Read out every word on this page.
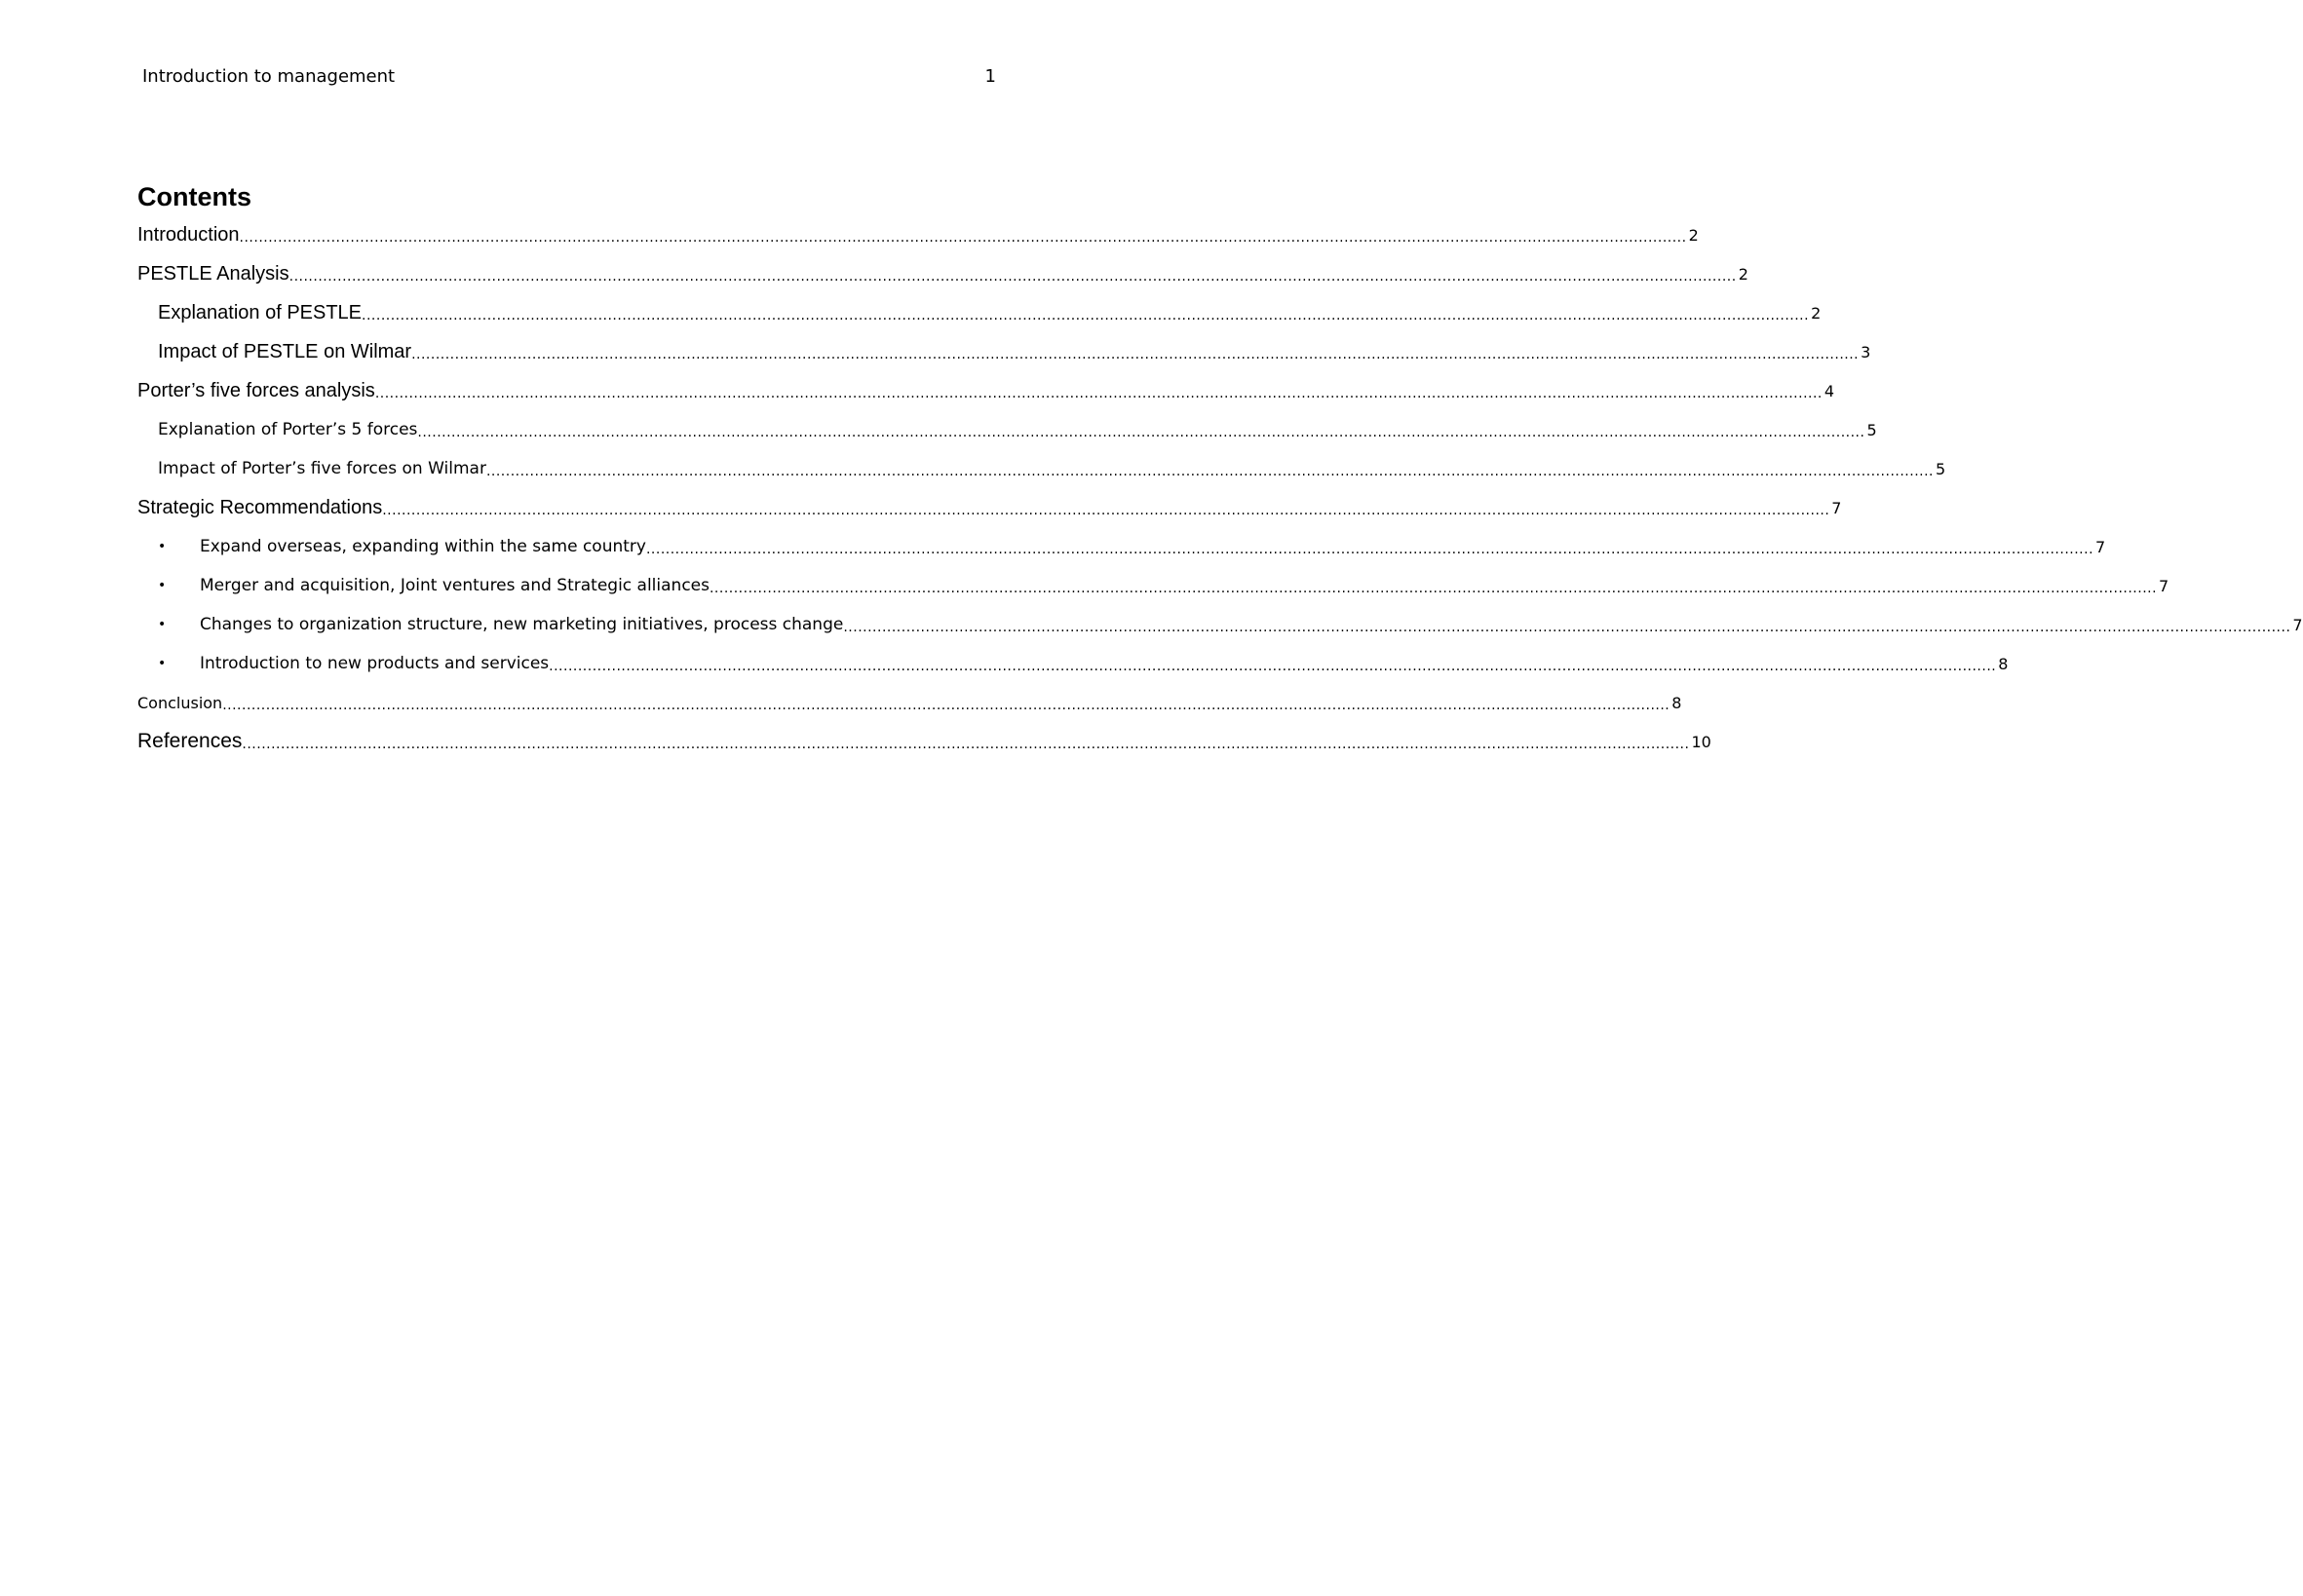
Introduction to management	1
Contents
Introduction ............................................................................................................................................................................................................................................................................................................ 2
PESTLE Analysis ............................................................................................................................................................................................................................................................................................................ 2
Explanation of PESTLE ............................................................................................................................................................................................................................................................................................................ 2
Impact of PESTLE on Wilmar ............................................................................................................................................................................................................................................................................................................ 3
Porter’s five forces analysis ............................................................................................................................................................................................................................................................................................................ 4
Explanation of Porter’s 5 forces ............................................................................................................................................................................................................................................................................................................ 5
Impact of Porter’s five forces on Wilmar ............................................................................................................................................................................................................................................................................................................ 5
Strategic Recommendations ............................................................................................................................................................................................................................................................................................................ 7
•	Expand overseas, expanding within the same country ............................................................................................................................................................................................................................................................................................................ 7
•	Merger and acquisition, Joint ventures and Strategic alliances ............................................................................................................................................................................................................................................................................................................ 7
•	Changes to organization structure, new marketing initiatives, process change ............................................................................................................................................................................................................................................................................................................ 7
•	Introduction to new products and services ............................................................................................................................................................................................................................................................................................................ 8
Conclusion ............................................................................................................................................................................................................................................................................................................ 8
References ............................................................................................................................................................................................................................................................................................................ 10
